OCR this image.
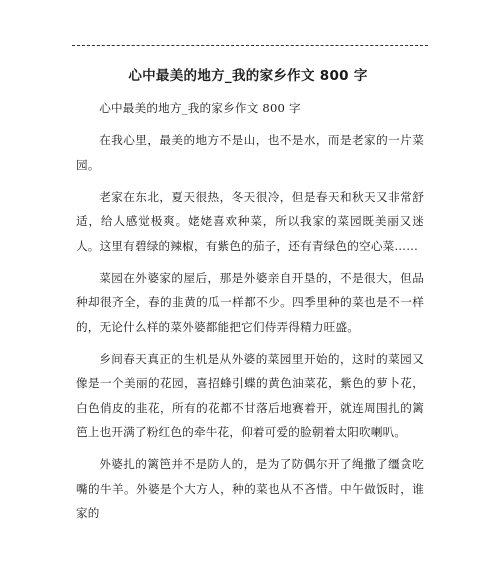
心中最美的地方_我的家乡作文 800 字

心中最美的地方_我的家乡作文 800 字

在我心里，最美的地方不是山，也不是水，而是老家的一片菜园。

老家在东北，夏天很热，冬天很冷，但是春天和秋天又非常舒适，给人感觉极爽。姥姥喜欢种菜，所以我家的菜园既美丽又迷人。这里有碧绿的辣椒，有紫色的茄子，还有青绿色的空心菜……

菜园在外婆家的屋后，那是外婆亲自开垦的，不是很大，但品种却很齐全，春的韭黄的瓜一样都不少。四季里种的菜也是不一样的，无论什么样的菜外婆都能把它们侍弄得精力旺盛。

乡间春天真正的生机是从外婆的菜园里开始的，这时的菜园又像是一个美丽的花园，喜招蜂引蝶的黄色油菜花，紫色的萝卜花，白色俏皮的韭花，所有的花都不甘落后地赛着开，就连周围扎的篱笆上也开满了粉红色的牵牛花，仰着可爱的脸朝着太阳吹喇叭。

外婆扎的篱笆并不是防人的，是为了防偶尔开了绳撒了缰贪吃嘴的牛羊。外婆是个大方人，种的菜也从不吝惜。中午做饭时，谁家的
